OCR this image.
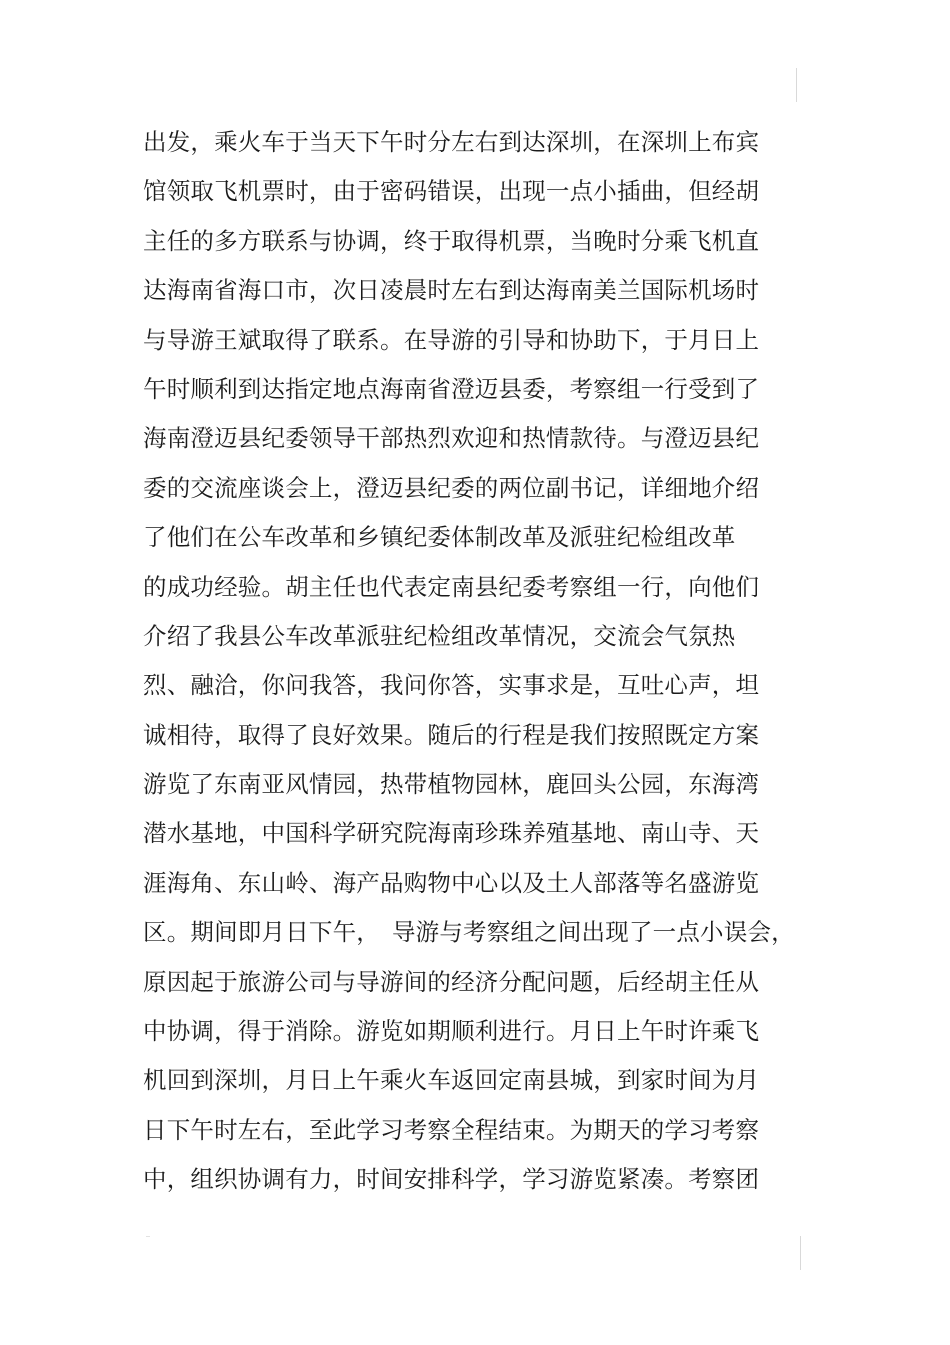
出发，乘火车于当天下午时分左右到达深圳，在深圳上布宾
馆领取飞机票时，由于密码错误，出现一点小插曲，但经胡
主任的多方联系与协调，终于取得机票，当晚时分乘飞机直
达海南省海口市，次日凌晨时左右到达海南美兰国际机场时
与导游王斌取得了联系。在导游的引导和协助下，于月日上
午时顺利到达指定地点海南省澄迈县委，考察组一行受到了
海南澄迈县纪委领导干部热烈欢迎和热情款待。与澄迈县纪
委的交流座谈会上，澄迈县纪委的两位副书记，详细地介绍
了他们在公车改革和乡镇纪委体制改革及派驻纪检组改革
的成功经验。胡主任也代表定南县纪委考察组一行，向他们
介绍了我县公车改革派驻纪检组改革情况，交流会气氛热
烈、融洽，你问我答，我问你答，实事求是，互吐心声，坦
诚相待，取得了良好效果。随后的行程是我们按照既定方案
游览了东南亚风情园，热带植物园林，鹿回头公园，东海湾
潜水基地，中国科学研究院海南珍珠养殖基地、南山寺、天
涯海角、东山岭、海产品购物中心以及土人部落等名盛游览
区。期间即月日下午，　导游与考察组之间出现了一点小误会，
原因起于旅游公司与导游间的经济分配问题，后经胡主任从
中协调，得于消除。游览如期顺利进行。月日上午时许乘飞
机回到深圳，月日上午乘火车返回定南县城，到家时间为月
日下午时左右，至此学习考察全程结束。为期天的学习考察
中，组织协调有力，时间安排科学，学习游览紧凑。考察团
